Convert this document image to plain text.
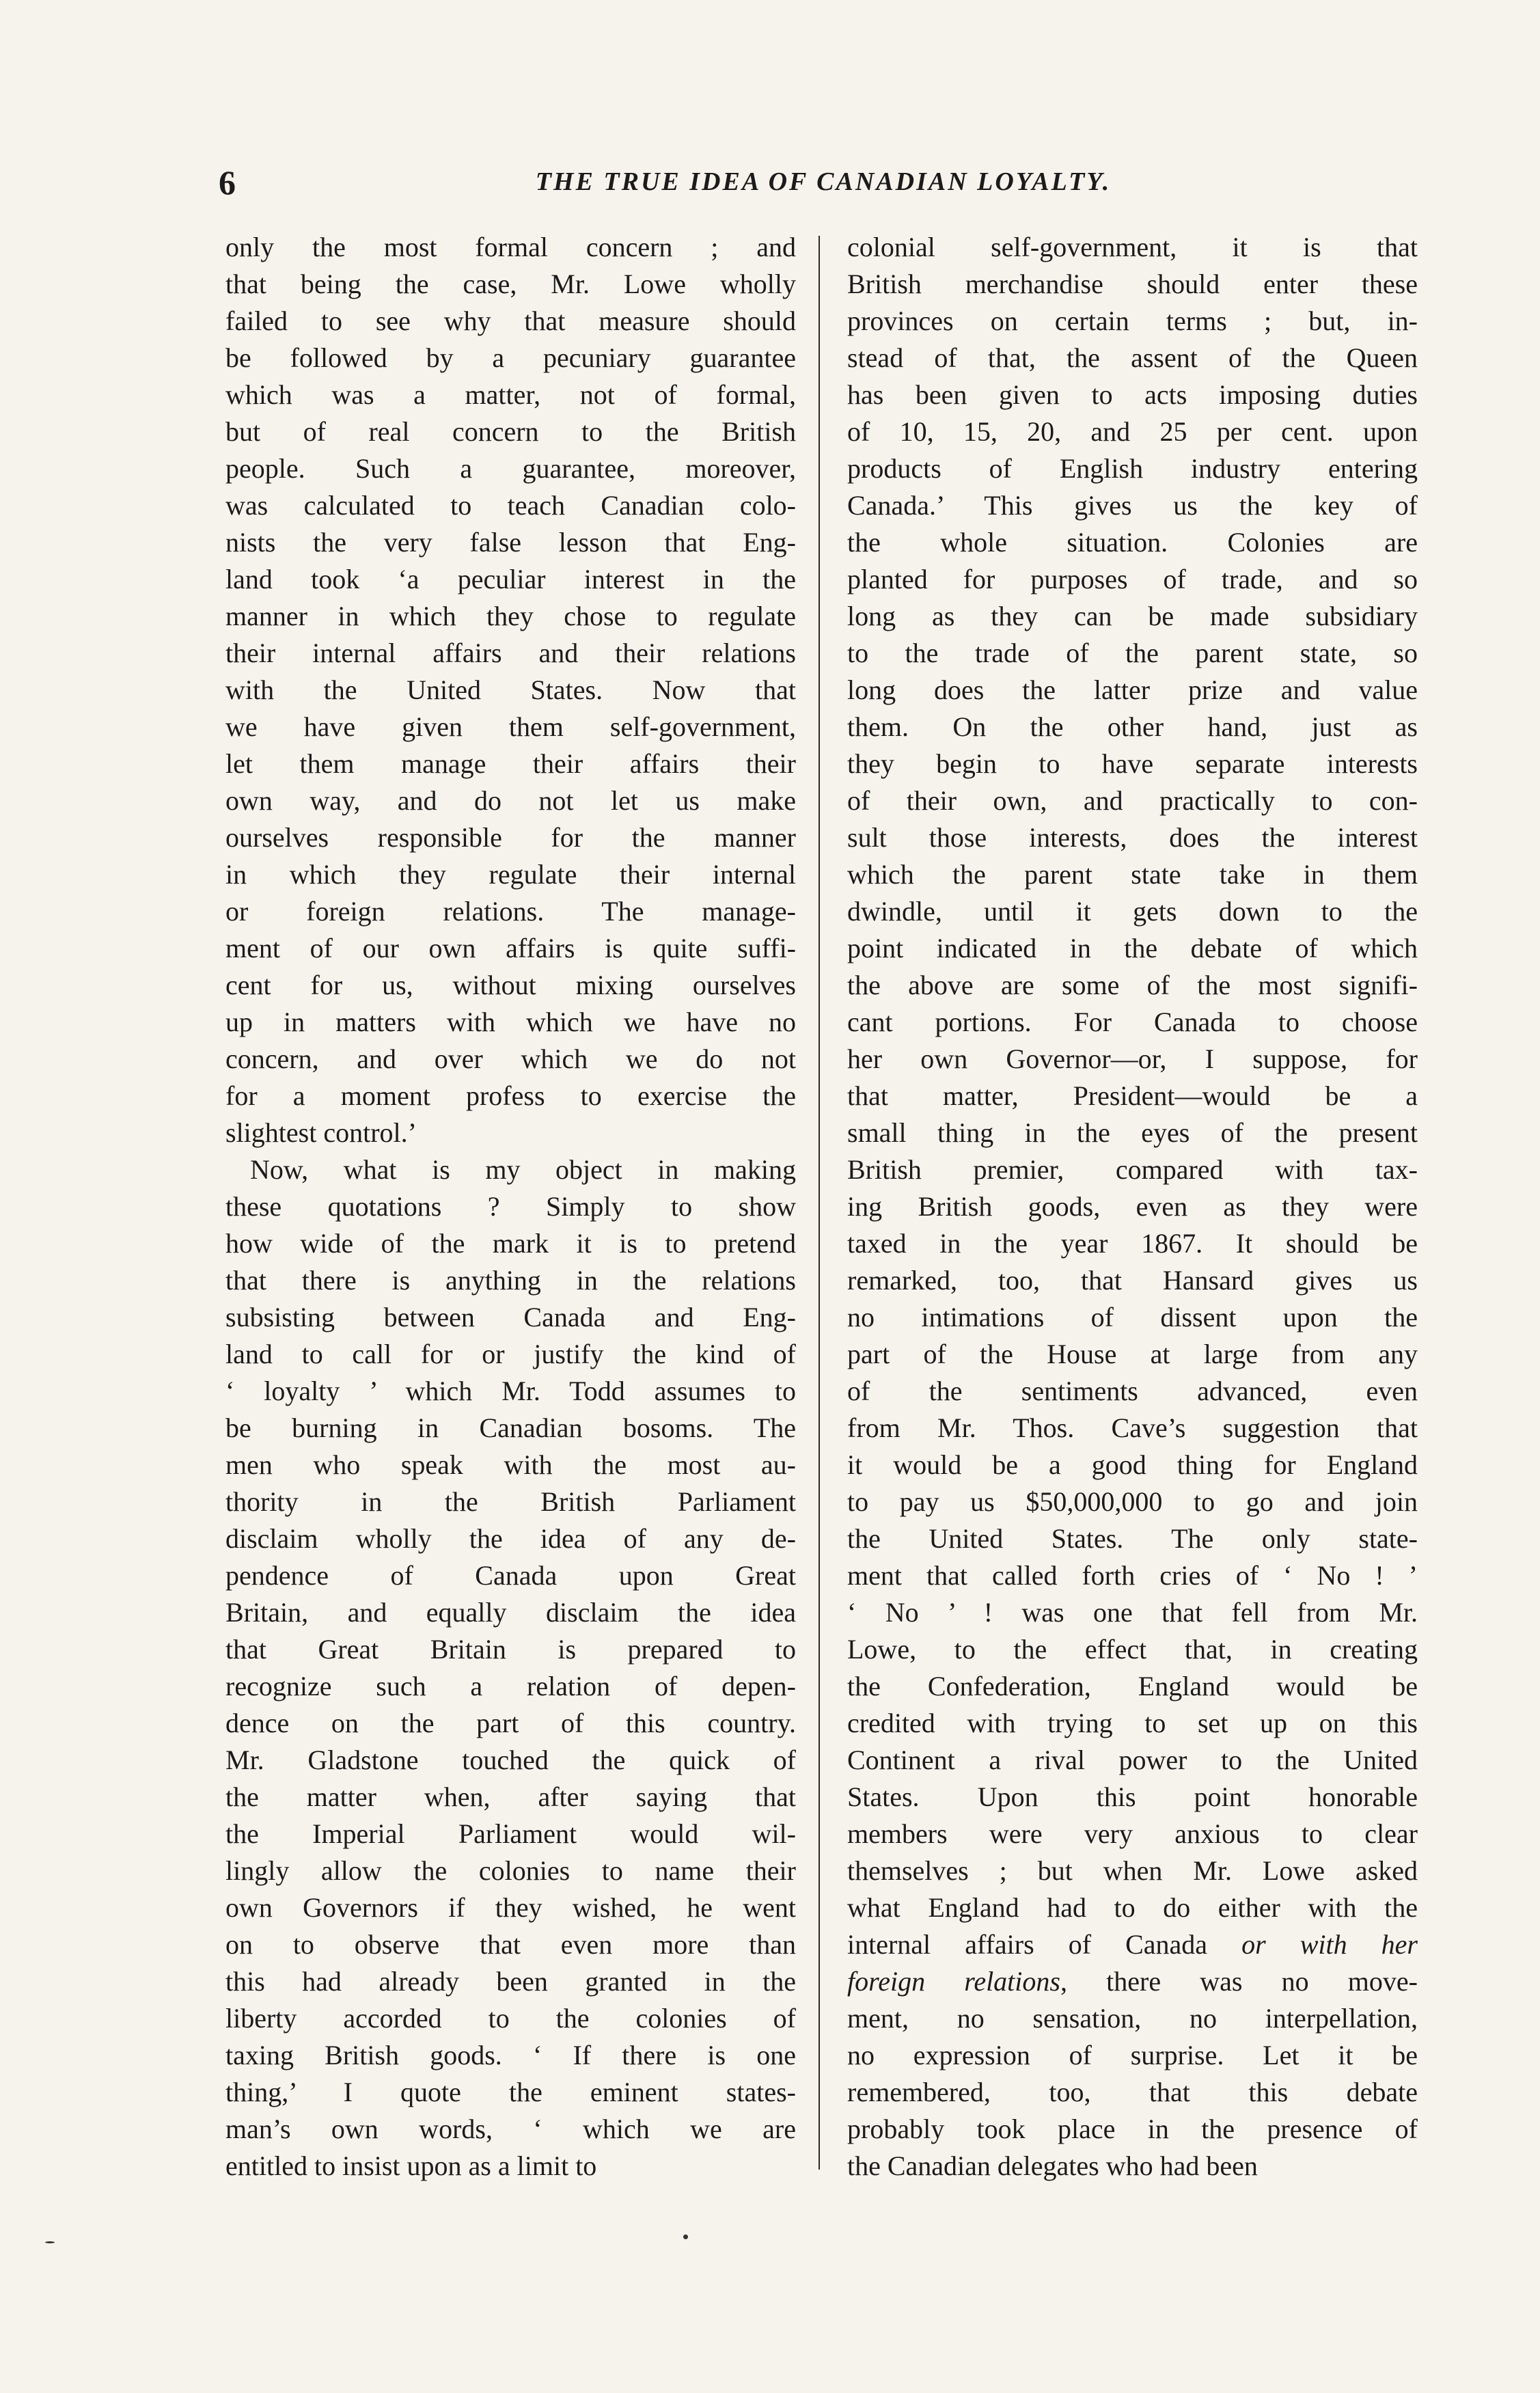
6	THE TRUE IDEA OF CANADIAN LOYALTY.
only the most formal concern ; and
that being the case, Mr. Lowe wholly
failed to see why that measure should
be followed by a pecuniary guarantee
which was a matter, not of formal,
but of real concern to the British
people. Such a guarantee, moreover,
was calculated to teach Canadian colo-
nists the very false lesson that Eng-
land took ‘a peculiar interest in the
manner in which they chose to regulate
their internal affairs and their relations
with the United States. Now that
we have given them self-government,
let them manage their affairs their
own way, and do not let us make
ourselves responsible for the manner
in which they regulate their internal
or foreign relations. The manage-
ment of our own affairs is quite suffi-
cent for us, without mixing ourselves
up in matters with which we have no
concern, and over which we do not
for a moment profess to exercise the
slightest control.’
Now, what is my object in making
these quotations ? Simply to show
how wide of the mark it is to pretend
that there is anything in the relations
subsisting between Canada and Eng-
land to call for or justify the kind of
‘ loyalty ’ which Mr. Todd assumes to
be burning in Canadian bosoms. The
men who speak with the most au-
thority in the British Parliament
disclaim wholly the idea of any de-
pendence of Canada upon Great
Britain, and equally disclaim the idea
that Great Britain is prepared to
recognize such a relation of depen-
dence on the part of this country.
Mr. Gladstone touched the quick of
the matter when, after saying that
the Imperial Parliament would wil-
lingly allow the colonies to name their
own Governors if they wished, he went
on to observe that even more than
this had already been granted in the
liberty accorded to the colonies of
taxing British goods. ‘ If there is one
thing,’ I quote the eminent states-
man’s own words, ‘ which we are
entitled to insist upon as a limit to
colonial self-government, it is that
British merchandise should enter these
provinces on certain terms ; but, in-
stead of that, the assent of the Queen
has been given to acts imposing duties
of 10, 15, 20, and 25 per cent. upon
products of English industry entering
Canada.’ This gives us the key of
the whole situation. Colonies are
planted for purposes of trade, and so
long as they can be made subsidiary
to the trade of the parent state, so
long does the latter prize and value
them. On the other hand, just as
they begin to have separate interests
of their own, and practically to con-
sult those interests, does the interest
which the parent state take in them
dwindle, until it gets down to the
point indicated in the debate of which
the above are some of the most signifi-
cant portions. For Canada to choose
her own Governor—or, I suppose, for
that matter, President—would be a
small thing in the eyes of the present
British premier, compared with tax-
ing British goods, even as they were
taxed in the year 1867. It should be
remarked, too, that Hansard gives us
no intimations of dissent upon the
part of the House at large from any
of the sentiments advanced, even
from Mr. Thos. Cave’s suggestion that
it would be a good thing for England
to pay us $50,000,000 to go and join
the United States. The only state-
ment that called forth cries of ‘ No ! ’
‘ No ’ ! was one that fell from Mr.
Lowe, to the effect that, in creating
the Confederation, England would be
credited with trying to set up on this
Continent a rival power to the United
States. Upon this point honorable
members were very anxious to clear
themselves ; but when Mr. Lowe asked
what England had to do either with the
internal affairs of Canada or with her
foreign relations, there was no move-
ment, no sensation, no interpellation,
no expression of surprise. Let it be
remembered, too, that this debate
probably took place in the presence of
the Canadian delegates who had been
